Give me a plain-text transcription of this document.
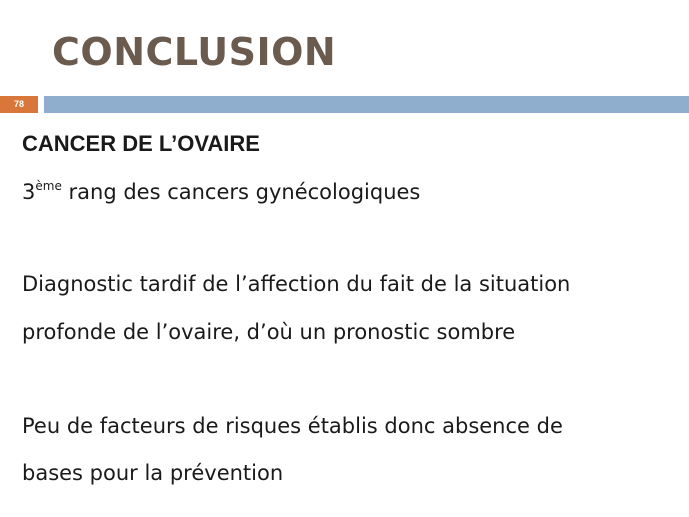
CONCLUSION
78
CANCER DE L’OVAIRE
3ème rang des cancers gynécologiques
Diagnostic tardif de l’affection du fait de la situation
profonde de l’ovaire, d’où un pronostic sombre
Peu de facteurs de risques établis donc absence de
bases pour la prévention
